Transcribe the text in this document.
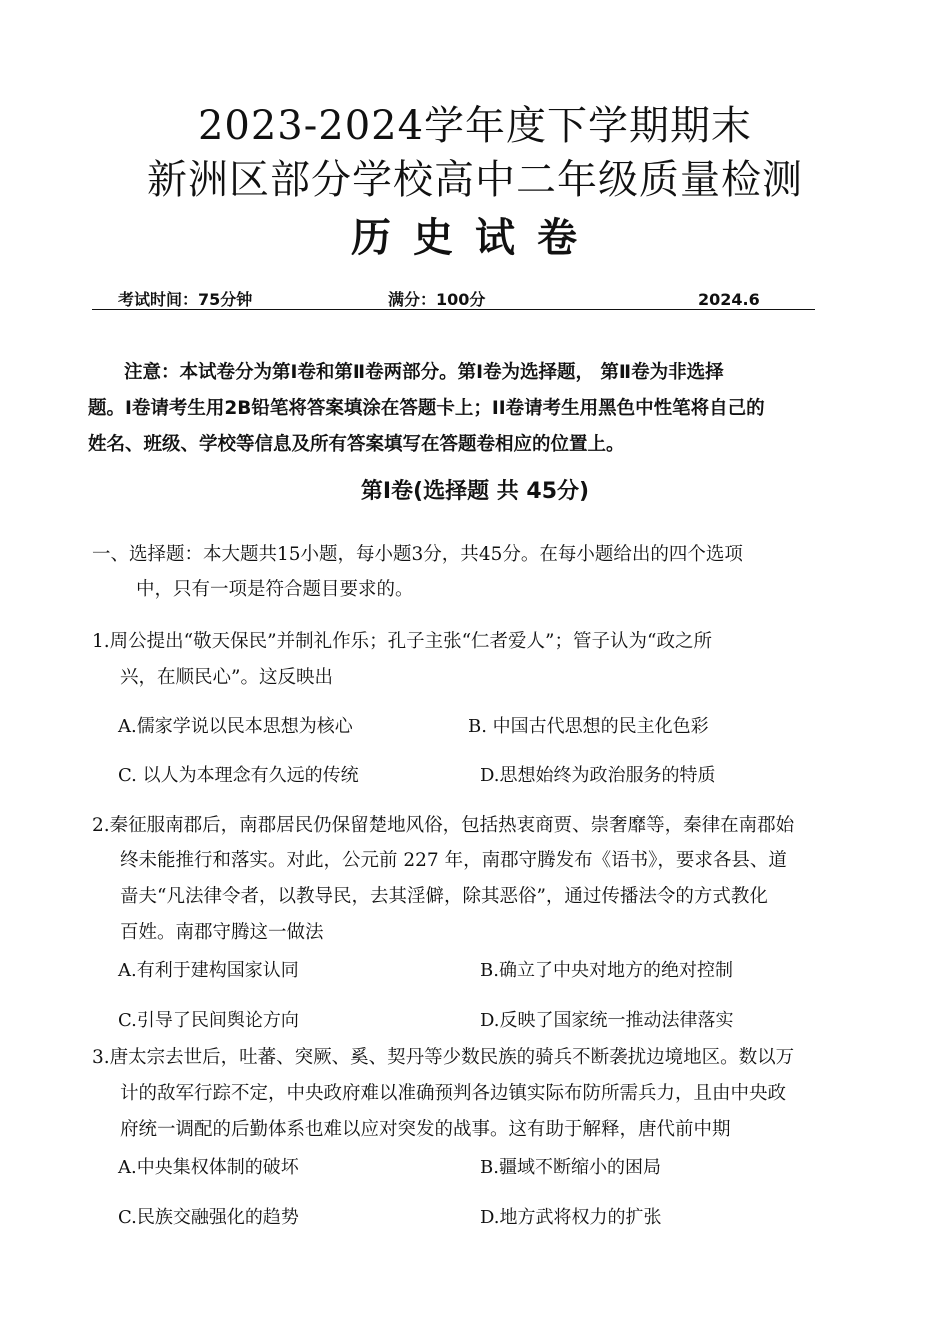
2023-2024学年度下学期期末
新洲区部分学校高中二年级质量检测
历史试卷
考试时间：75分钟	满分：100分	2024.6
注意：本试卷分为第Ⅰ卷和第Ⅱ卷两部分。第Ⅰ卷为选择题， 第Ⅱ卷为非选择
题。Ⅰ卷请考生用2B铅笔将答案填涂在答题卡上；II卷请考生用黑色中性笔将自己的
姓名、班级、学校等信息及所有答案填写在答题卷相应的位置上。
第Ⅰ卷(选择题 共 45分)
一、选择题：本大题共15小题，每小题3分，共45分。在每小题给出的四个选项
中，只有一项是符合题目要求的。
1.周公提出“敬天保民”并制礼作乐；孔子主张“仁者爱人”；管子认为“政之所
兴，在顺民心”。这反映出
A.儒家学说以民本思想为核心	B. 中国古代思想的民主化色彩
C. 以人为本理念有久远的传统	D.思想始终为政治服务的特质
2.秦征服南郡后，南郡居民仍保留楚地风俗，包括热衷商贾、崇奢靡等，秦律在南郡始
终未能推行和落实。对此，公元前 227 年，南郡守腾发布《语书》，要求各县、道
啬夫“凡法律令者，以教导民，去其淫僻，除其恶俗”，通过传播法令的方式教化
百姓。南郡守腾这一做法
A.有利于建构国家认同	B.确立了中央对地方的绝对控制
C.引导了民间舆论方向	D.反映了国家统一推动法律落实
3.唐太宗去世后，吐蕃、突厥、奚、契丹等少数民族的骑兵不断袭扰边境地区。数以万
计的敌军行踪不定，中央政府难以准确预判各边镇实际布防所需兵力，且由中央政
府统一调配的后勤体系也难以应对突发的战事。这有助于解释，唐代前中期
A.中央集权体制的破坏	B.疆域不断缩小的困局
C.民族交融强化的趋势	D.地方武将权力的扩张
